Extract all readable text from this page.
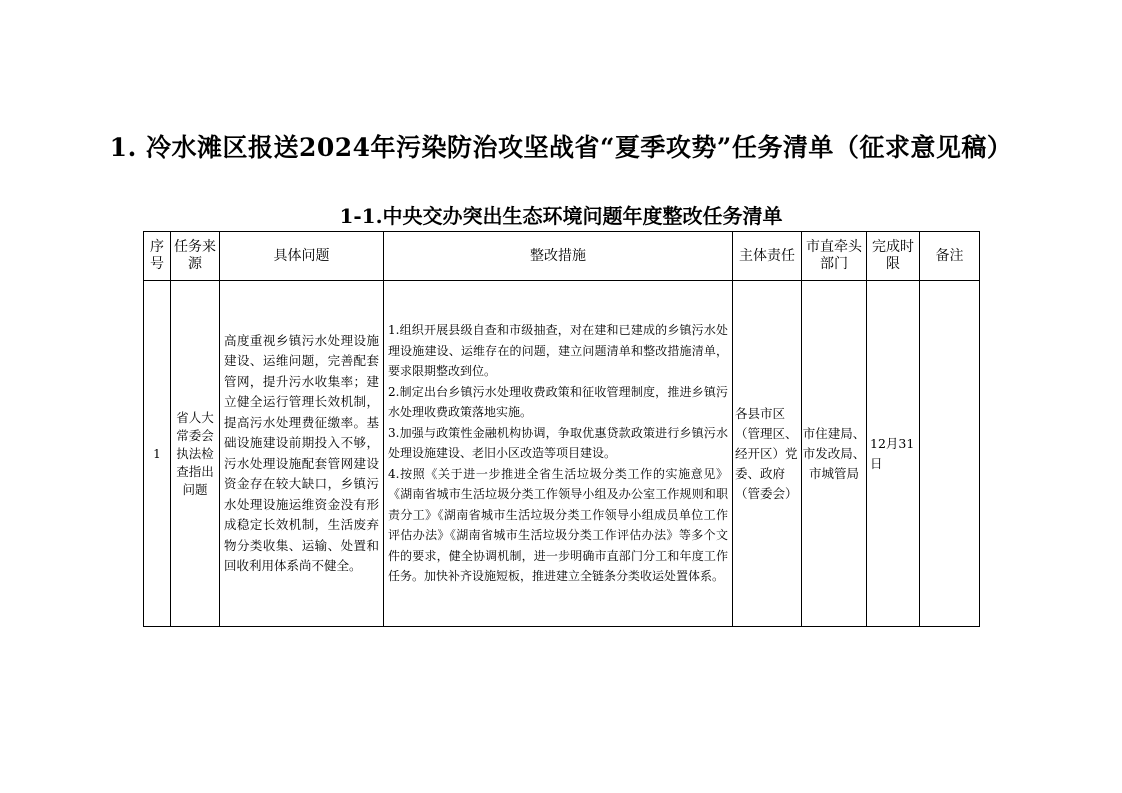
1. 冷水滩区报送2024年污染防治攻坚战省“夏季攻势”任务清单（征求意见稿）
1-1.中央交办突出生态环境问题年度整改任务清单
序号	任务来源	具体问题	整改措施	主体责任	市直牵头部门	完成时限	备注
1	省人大常委会执法检查指出问题	高度重视乡镇污水处理设施建设、运维问题，完善配套管网，提升污水收集率；建立健全运行管理长效机制，提高污水处理费征缴率。基础设施建设前期投入不够，污水处理设施配套管网建设资金存在较大缺口，乡镇污水处理设施运维资金没有形成稳定长效机制，生活废弃物分类收集、运输、处置和回收利用体系尚不健全。	1.组织开展县级自查和市级抽查，对在建和已建成的乡镇污水处理设施建设、运维存在的问题，建立问题清单和整改措施清单，要求限期整改到位。
2.制定出台乡镇污水处理收费政策和征收管理制度，推进乡镇污水处理收费政策落地实施。
3.加强与政策性金融机构协调，争取优惠贷款政策进行乡镇污水处理设施建设、老旧小区改造等项目建设。
4.按照《关于进一步推进全省生活垃圾分类工作的实施意见》《湖南省城市生活垃圾分类工作领导小组及办公室工作规则和职责分工》《湖南省城市生活垃圾分类工作领导小组成员单位工作评估办法》《湖南省城市生活垃圾分类工作评估办法》等多个文件的要求，健全协调机制，进一步明确市直部门分工和年度工作任务。加快补齐设施短板，推进建立全链条分类收运处置体系。	各县市区（管理区、经开区）党委、政府（管委会）	市住建局、市发改局、市城管局	12月31日	
